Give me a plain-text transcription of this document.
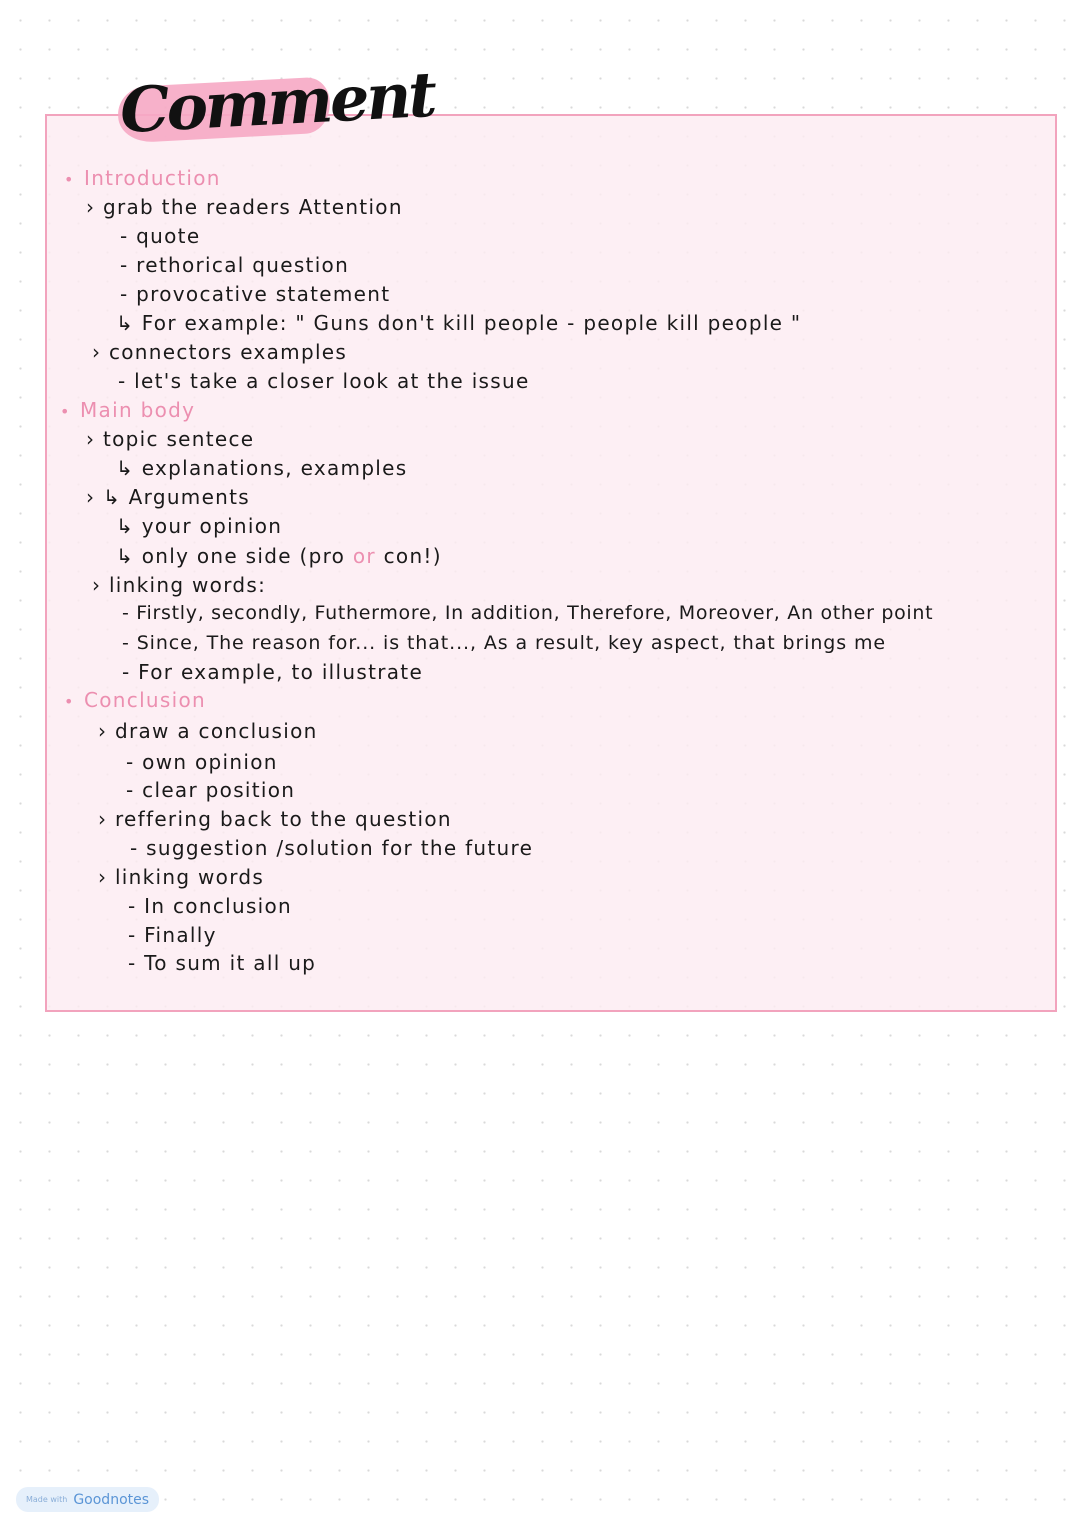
Comment
• Introduction
› grab the readers Attention
- quote
- rethorical question
- provocative statement
↳ For example: " Guns don't kill people - people kill people "
› connectors examples
- let's take a closer look at the issue
• Main body
› topic sentece
↳ explanations, examples
› ↳ Arguments
↳ your opinion
↳ only one side (pro or con!)
› linking words:
- Firstly, secondly, Futhermore, In addition, Therefore, Moreover, An other point
- Since, The reason for... is that..., As a result, key aspect, that brings me
- For example, to illustrate
• Conclusion
› draw a conclusion
- own opinion
- clear position
› reffering back to the question
- suggestion /solution for the future
› linking words
- In conclusion
- Finally
- To sum it all up
Made with Goodnotes
